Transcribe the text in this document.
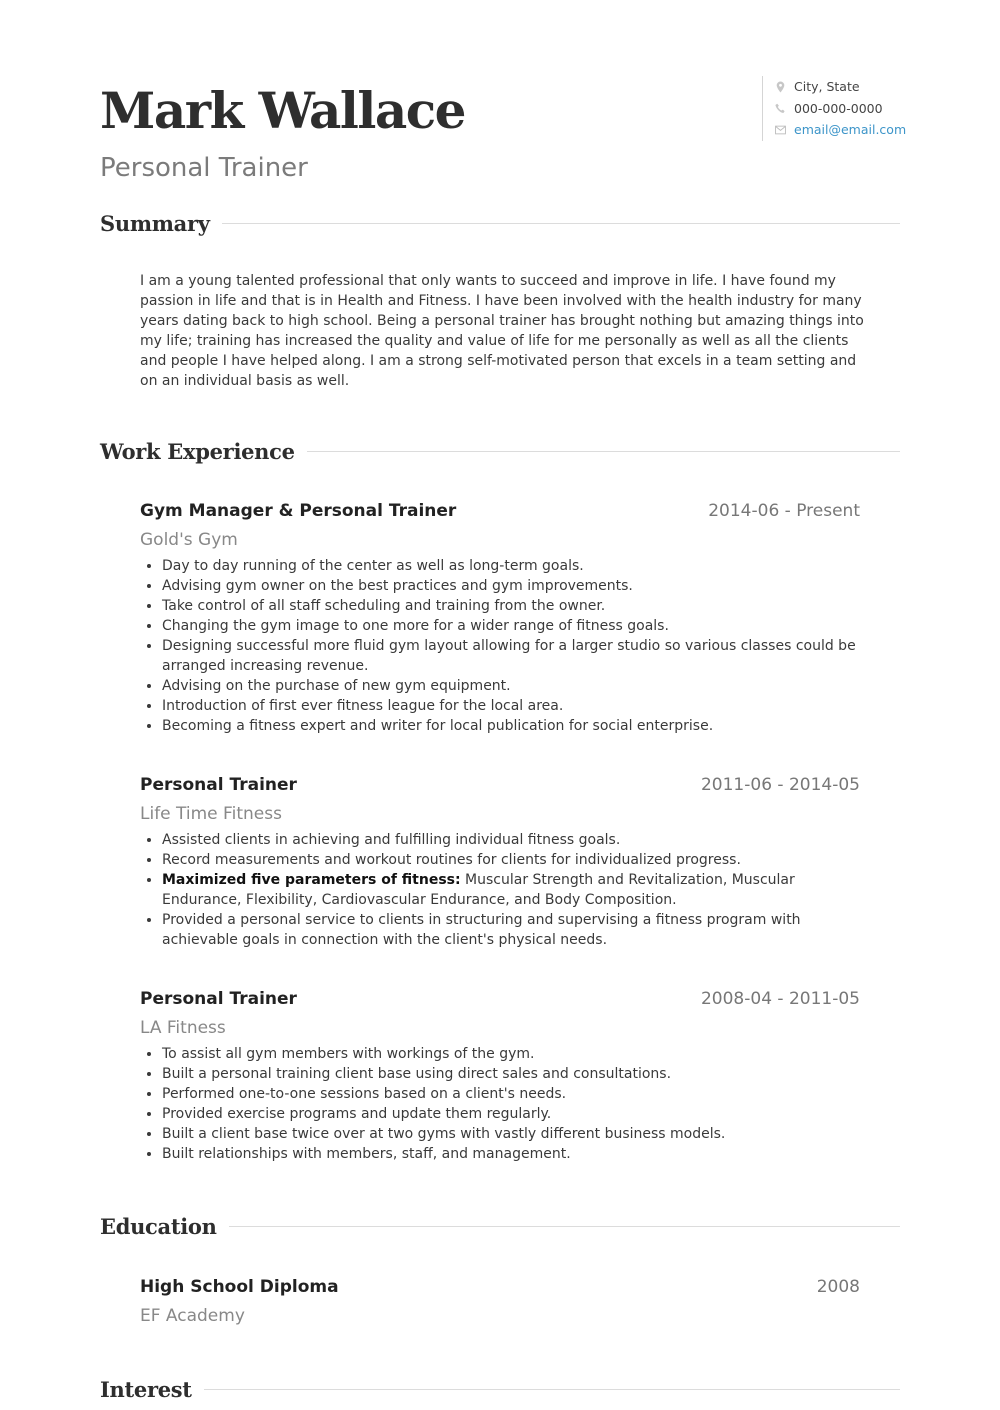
Mark Wallace
Personal Trainer
City, State
000-000-0000
email@email.com
Summary

I am a young talented professional that only wants to succeed and improve in life. I have found my passion in life and that is in Health and Fitness. I have been involved with the health industry for many years dating back to high school. Being a personal trainer has brought nothing but amazing things into my life; training has increased the quality and value of life for me personally as well as all the clients and people I have helped along. I am a strong self-motivated person that excels in a team setting and on an individual basis as well.

Work Experience
Gym Manager & Personal Trainer	2014-06 - Present
Gold's Gym
• Day to day running of the center as well as long-term goals.
• Advising gym owner on the best practices and gym improvements.
• Take control of all staff scheduling and training from the owner.
• Changing the gym image to one more for a wider range of fitness goals.
• Designing successful more fluid gym layout allowing for a larger studio so various classes could be arranged increasing revenue.
• Advising on the purchase of new gym equipment.
• Introduction of first ever fitness league for the local area.
• Becoming a fitness expert and writer for local publication for social enterprise.
Personal Trainer	2011-06 - 2014-05
Life Time Fitness
• Assisted clients in achieving and fulfilling individual fitness goals.
• Record measurements and workout routines for clients for individualized progress.
• Maximized five parameters of fitness: Muscular Strength and Revitalization, Muscular Endurance, Flexibility, Cardiovascular Endurance, and Body Composition.
• Provided a personal service to clients in structuring and supervising a fitness program with achievable goals in connection with the client's physical needs.
Personal Trainer	2008-04 - 2011-05
LA Fitness
• To assist all gym members with workings of the gym.
• Built a personal training client base using direct sales and consultations.
• Performed one-to-one sessions based on a client's needs.
• Provided exercise programs and update them regularly.
• Built a client base twice over at two gyms with vastly different business models.
• Built relationships with members, staff, and management.
Education
High School Diploma	2008
EF Academy
Interest
